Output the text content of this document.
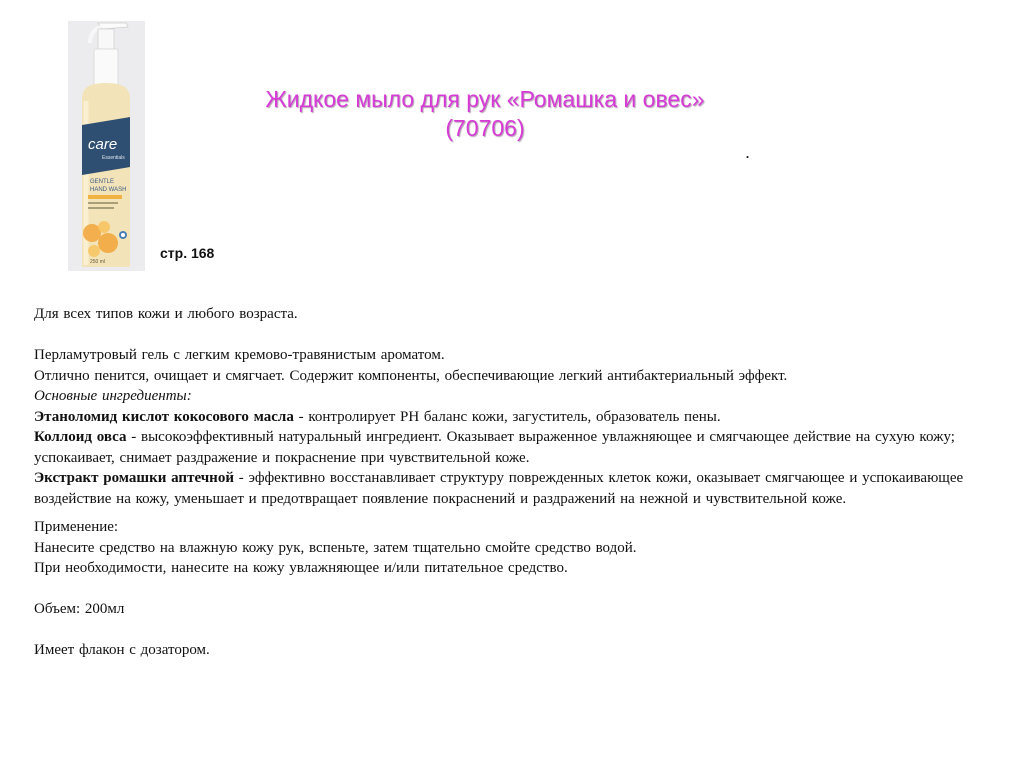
care
Essentials
GENTLE
HAND WASH
250 ml
Жидкое мыло для рук «Ромашка и овес»
(70706)
.
стр. 168

Для всех типов кожи и любого возраста.

Перламутровый гель с легким кремово-травянистым ароматом.

Отлично пенится, очищает и смягчает. Содержит компоненты, обеспечивающие легкий антибактериальный эффект.

Основные ингредиенты:

Этаноломид кислот кокосового масла - контролирует РН баланс кожи, загуститель, образователь пены.

Коллоид овса - высокоэффективный натуральный ингредиент. Оказывает выраженное увлажняющее и смягчающее действие на сухую кожу; успокаивает, снимает раздражение и покраснение при чувствительной коже.

Экстракт ромашки аптечной - эффективно восстанавливает структуру поврежденных клеток кожи, оказывает смягчающее и успокаивающее воздействие на кожу, уменьшает и предотвращает появление покраснений и раздражений на нежной и чувствительной коже.

Применение:

Нанесите средство на влажную кожу рук, вспеньте, затем тщательно смойте средство водой.

При необходимости, нанесите на кожу увлажняющее и/или питательное средство.

Объем: 200мл

Имеет флакон с дозатором.
